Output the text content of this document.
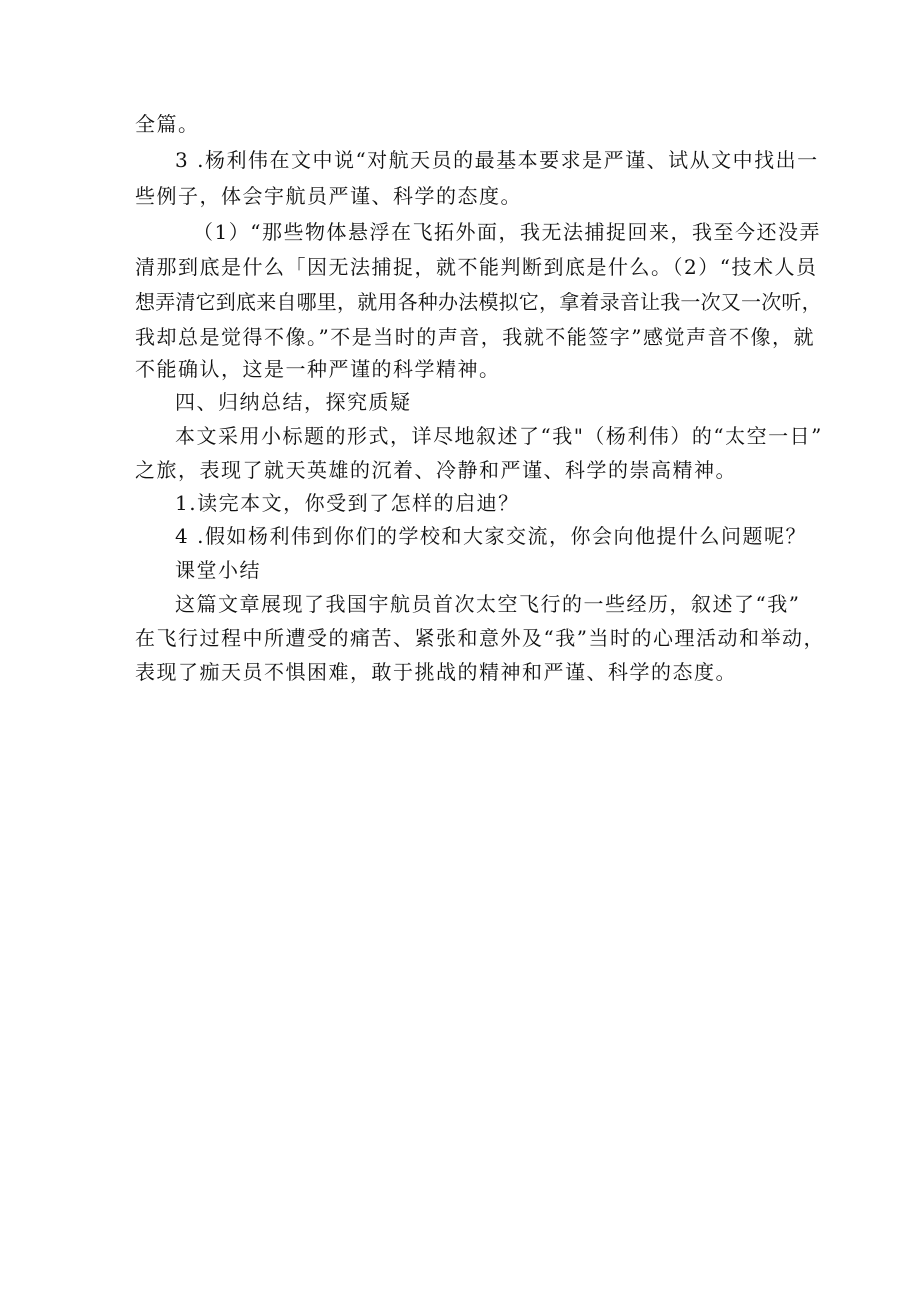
全篇。
3 .杨利伟在文中说“对航天员的最基本要求是严谨、试从文中找出一
些例子，体会宇航员严谨、科学的态度。
（1）“那些物体悬浮在飞拓外面，我无法捕捉回来，我至今还没弄
清那到底是什么「因无法捕捉，就不能判断到底是什么。（2）“技术人员
想弄清它到底来自哪里，就用各种办法模拟它，拿着录音让我一次又一次听，
我却总是觉得不像。”不是当时的声音，我就不能签字”感觉声音不像，就
不能确认，这是一种严谨的科学精神。
四、归纳总结，探究质疑
本文采用小标题的形式，详尽地叙述了“我"（杨利伟）的“太空一日”
之旅，表现了就天英雄的沉着、冷静和严谨、科学的崇高精神。
1.读完本文，你受到了怎样的启迪？
4 .假如杨利伟到你们的学校和大家交流，你会向他提什么问题呢？
课堂小结
这篇文章展现了我国宇航员首次太空飞行的一些经历，叙述了“我”
在飞行过程中所遭受的痛苦、紧张和意外及“我”当时的心理活动和举动，
表现了痂天员不惧困难，敢于挑战的精神和严谨、科学的态度。
